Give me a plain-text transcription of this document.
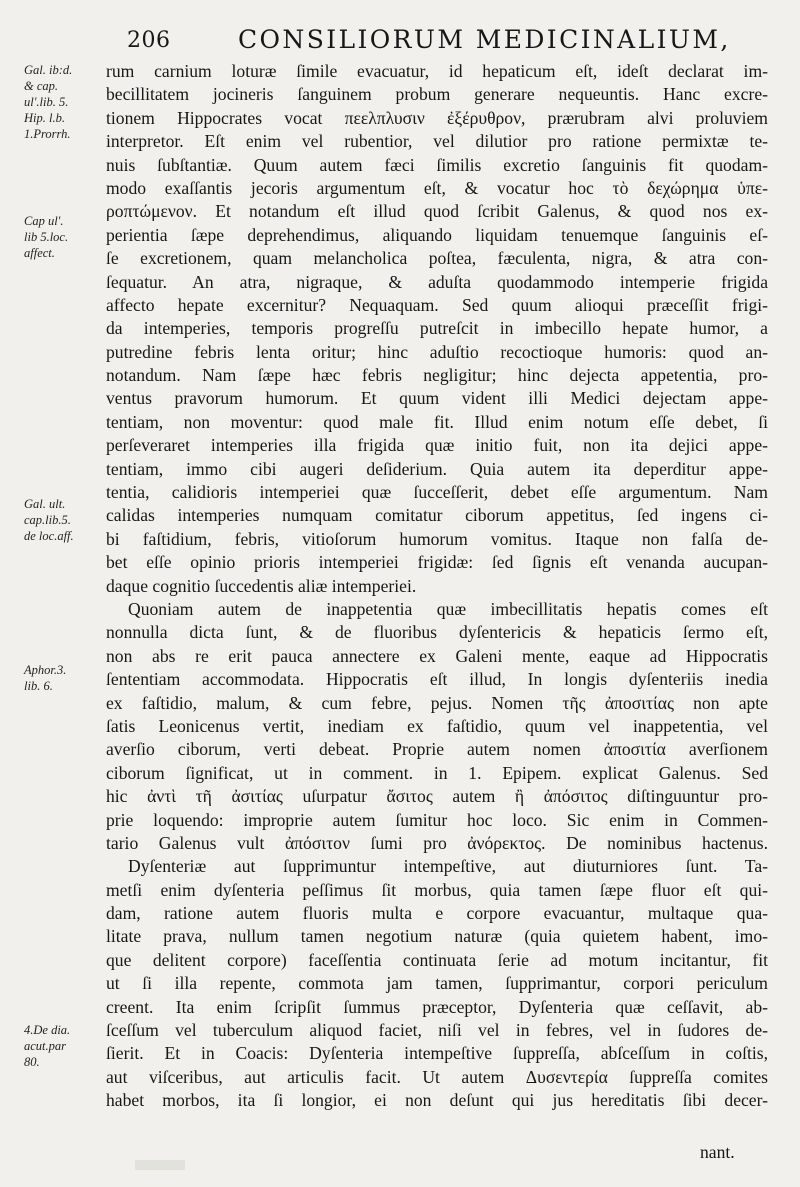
206	CONSILIORUM MEDICINALIUM,
Gal. ib:d.
& cap.
ul'.lib. 5.
Hip. l.b.
1.Prorrh.
Cap ul'.
lib 5.loc.
affect.
Gal. ult.
cap.lib.5.
de loc.aff.
Aphor.3.
lib. 6.
4.De dia.
acut.par
80.
rum carnium loturæ ſimile evacuatur, id hepaticum eſt, ideſt declarat im-
becillitatem jocineris ſanguinem probum generare nequeuntis. Hanc excre-
tionem Hippocrates vocat πεελπλυσιν ἐξέρυθρον, prærubram alvi proluviem
interpretor. Eſt enim vel rubentior, vel dilutior pro ratione permixtæ te-
nuis ſubſtantiæ. Quum autem fæci ſimilis excretio ſanguinis fit quodam-
modo exaſſantis jecoris argumentum eſt, & vocatur hoc τὸ δεχώρημα ὑπε-
ροπτώμενον. Et notandum eſt illud quod ſcribit Galenus, & quod nos ex-
perientia ſæpe deprehendimus, aliquando liquidam tenuemque ſanguinis eſ-
ſe excretionem, quam melancholica poſtea, fæculenta, nigra, & atra con-
ſequatur. An atra, nigraque, & aduſta quodammodo intemperie frigida
affecto hepate excernitur? Nequaquam. Sed quum alioqui præceſſit frigi-
da intemperies, temporis progreſſu putreſcit in imbecillo hepate humor, a
putredine febris lenta oritur; hinc aduſtio recoctioque humoris: quod an-
notandum. Nam ſæpe hæc febris negligitur; hinc dejecta appetentia, pro-
ventus pravorum humorum. Et quum vident illi Medici dejectam appe-
tentiam, non moventur: quod male fit. Illud enim notum eſſe debet, ſi
perſeveraret intemperies illa frigida quæ initio fuit, non ita dejici appe-
tentiam, immo cibi augeri deſiderium. Quia autem ita deperditur appe-
tentia, calidioris intemperiei quæ ſucceſſerit, debet eſſe argumentum. Nam
calidas intemperies numquam comitatur ciborum appetitus, ſed ingens ci-
bi faſtidium, febris, vitioſorum humorum vomitus. Itaque non falſa de-
bet eſſe opinio prioris intemperiei frigidæ: ſed ſignis eſt venanda aucupan-
daque cognitio ſuccedentis aliæ intemperiei.
Quoniam autem de inappetentia quæ imbecillitatis hepatis comes eſt
nonnulla dicta ſunt, & de fluoribus dyſentericis & hepaticis ſermo eſt,
non abs re erit pauca annectere ex Galeni mente, eaque ad Hippocratis
ſententiam accommodata. Hippocratis eſt illud, In longis dyſenteriis inedia
ex faſtidio, malum, & cum febre, pejus. Nomen τῆς ἀποσιτίας non apte
ſatis Leonicenus vertit, inediam ex faſtidio, quum vel inappetentia, vel
averſio ciborum, verti debeat. Proprie autem nomen ἀποσιτία averſionem
ciborum ſignificat, ut in comment. in 1. Epipem. explicat Galenus. Sed
hic ἀντὶ τῆ ἀσιτίας uſurpatur ἄσιτος autem ἢ ἀπόσιτος diſtinguuntur pro-
prie loquendo: improprie autem ſumitur hoc loco. Sic enim in Commen-
tario Galenus vult ἀπόσιτον ſumi pro ἀνόρεκτος. De nominibus hactenus.
Dyſenteriæ aut ſupprimuntur intempeſtive, aut diuturniores ſunt. Ta-
metſi enim dyſenteria peſſimus ſit morbus, quia tamen ſæpe fluor eſt qui-
dam, ratione autem fluoris multa e corpore evacuantur, multaque qua-
litate prava, nullum tamen negotium naturæ (quia quietem habent, imo-
que delitent corpore) faceſſentia continuata ſerie ad motum incitantur, fit
ut ſi illa repente, commota jam tamen, ſupprimantur, corpori periculum
creent. Ita enim ſcripſit ſummus præceptor, Dyſenteria quæ ceſſavit, ab-
ſceſſum vel tuberculum aliquod faciet, niſi vel in febres, vel in ſudores de-
ſierit. Et in Coacis: Dyſenteria intempeſtive ſuppreſſa, abſceſſum in coſtis,
aut viſceribus, aut articulis facit. Ut autem Δυσεντερία ſuppreſſa comites
habet morbos, ita ſi longior, ei non deſunt qui jus hereditatis ſibi decer-
nant.
